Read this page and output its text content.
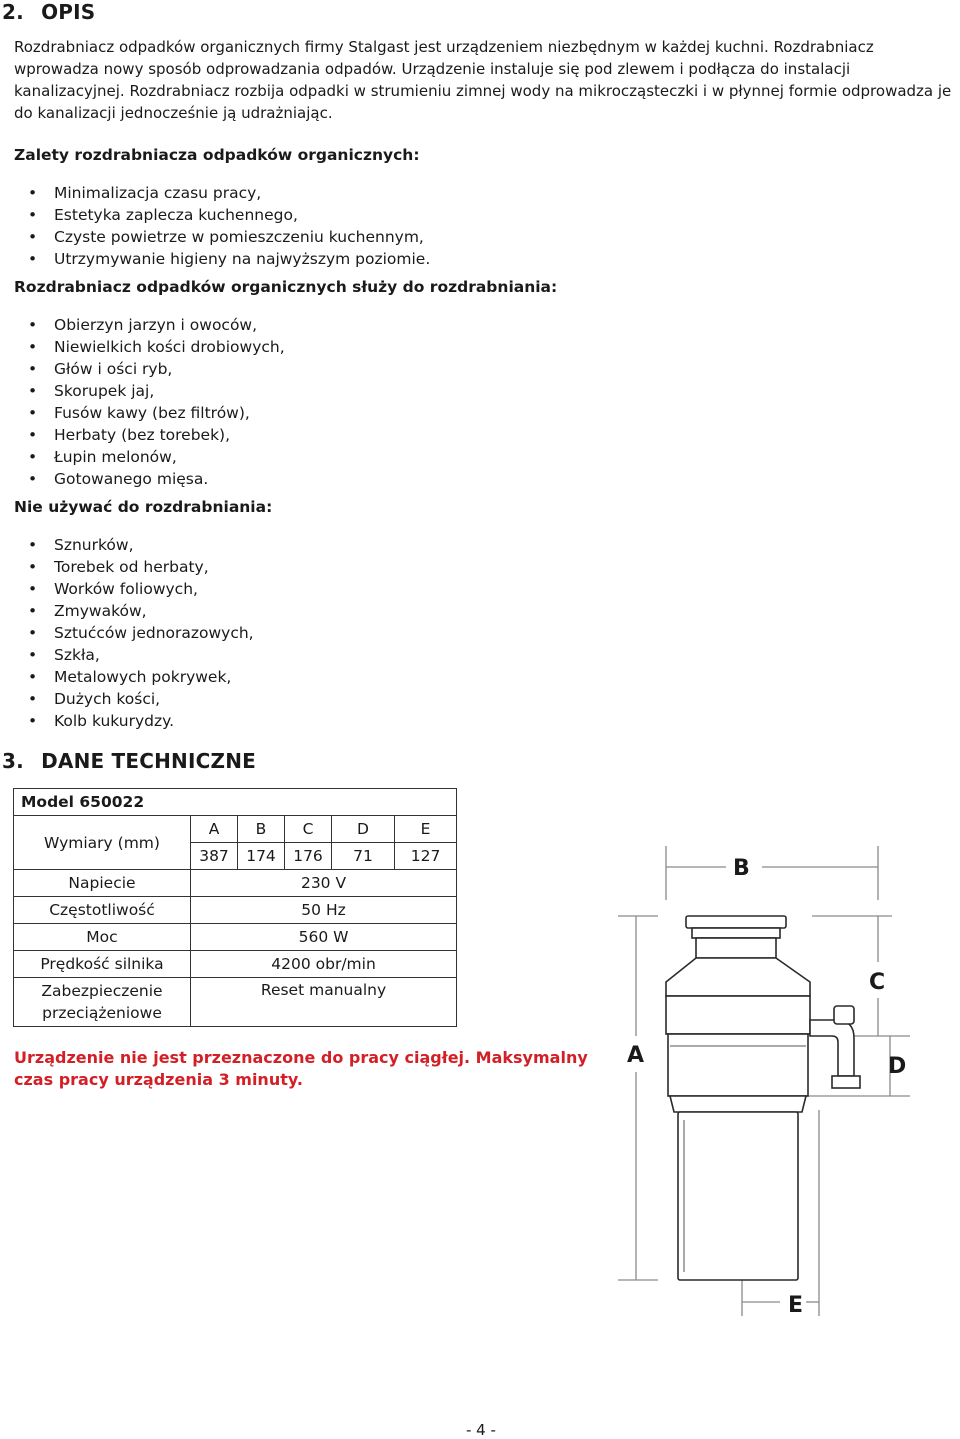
2. OPIS
Rozdrabniacz odpadków organicznych firmy Stalgast jest urządzeniem niezbędnym w każdej kuchni. Rozdrabniacz wprowadza nowy sposób odprowadzania odpadów. Urządzenie instaluje się pod zlewem i podłącza do instalacji kanalizacyjnej. Rozdrabniacz rozbija odpadki w strumieniu zimnej wody na mikrocząsteczki i w płynnej formie odprowadza je do kanalizacji jednocześnie ją udrażniając.
Zalety rozdrabniacza odpadków organicznych:
• Minimalizacja czasu pracy,
• Estetyka zaplecza kuchennego,
• Czyste powietrze w pomieszczeniu kuchennym,
• Utrzymywanie higieny na najwyższym poziomie.
Rozdrabniacz odpadków organicznych służy do rozdrabniania:
• Obierzyn jarzyn i owoców,
• Niewielkich kości drobiowych,
• Głów i ości ryb,
• Skorupek jaj,
• Fusów kawy (bez filtrów),
• Herbaty (bez torebek),
• Łupin melonów,
• Gotowanego mięsa.
Nie używać do rozdrabniania:
• Sznurków,
• Torebek od herbaty,
• Worków foliowych,
• Zmywaków,
• Sztućców jednorazowych,
• Szkła,
• Metalowych pokrywek,
• Dużych kości,
• Kolb kukurydzy.
3. DANE TECHNICZNE
Model 650022					
Wymiary (mm)	A	B	C	D	E
	387	174	176	71	127
Napiecie	230 V				
Częstotliwość	50 Hz				
Moc	560 W				
Prędkość silnika	4200 obr/min				

Zabezpieczenie
przeciążeniowe	Reset manualny				
Urządzenie nie jest przeznaczone do pracy ciągłej. Maksymalny czas pracy urządzenia 3 minuty.
B
A
C
D
E
- 4 -
